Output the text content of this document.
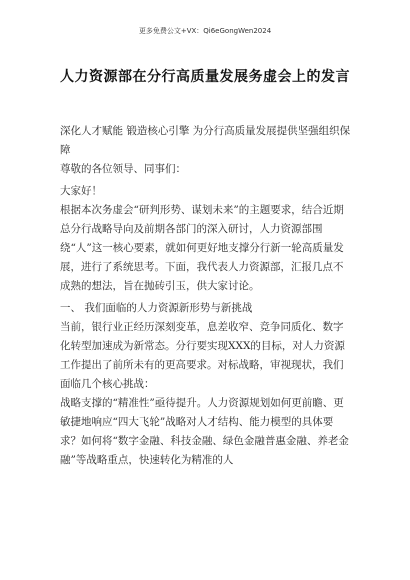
更多免费公文+VX：Qi6eGongWen2024
人力资源部在分行高质量发展务虚会上的发言

深化人才赋能 锻造核心引擎 为分行高质量发展提供坚强组织保障

尊敬的各位领导、同事们：

大家好！

根据本次务虚会“研判形势、谋划未来”的主题要求，结合近期总分行战略导向及前期各部门的深入研讨，人力资源部围绕“人”这一核心要素，就如何更好地支撑分行新一轮高质量发展，进行了系统思考。下面，我代表人力资源部，汇报几点不成熟的想法，旨在抛砖引玉，供大家讨论。

一、 我们面临的人力资源新形势与新挑战

当前，银行业正经历深刻变革，息差收窄、竞争同质化、数字化转型加速成为新常态。分行要实现XXX的目标，对人力资源工作提出了前所未有的更高要求。对标战略，审视现状，我们面临几个核心挑战：

战略支撑的“精准性”亟待提升。人力资源规划如何更前瞻、更敏捷地响应“四大飞轮”战略对人才结构、能力模型的具体要求？如何将“数字金融、科技金融、绿色金融普惠金融、养老金融”等战略重点，快速转化为精准的人
